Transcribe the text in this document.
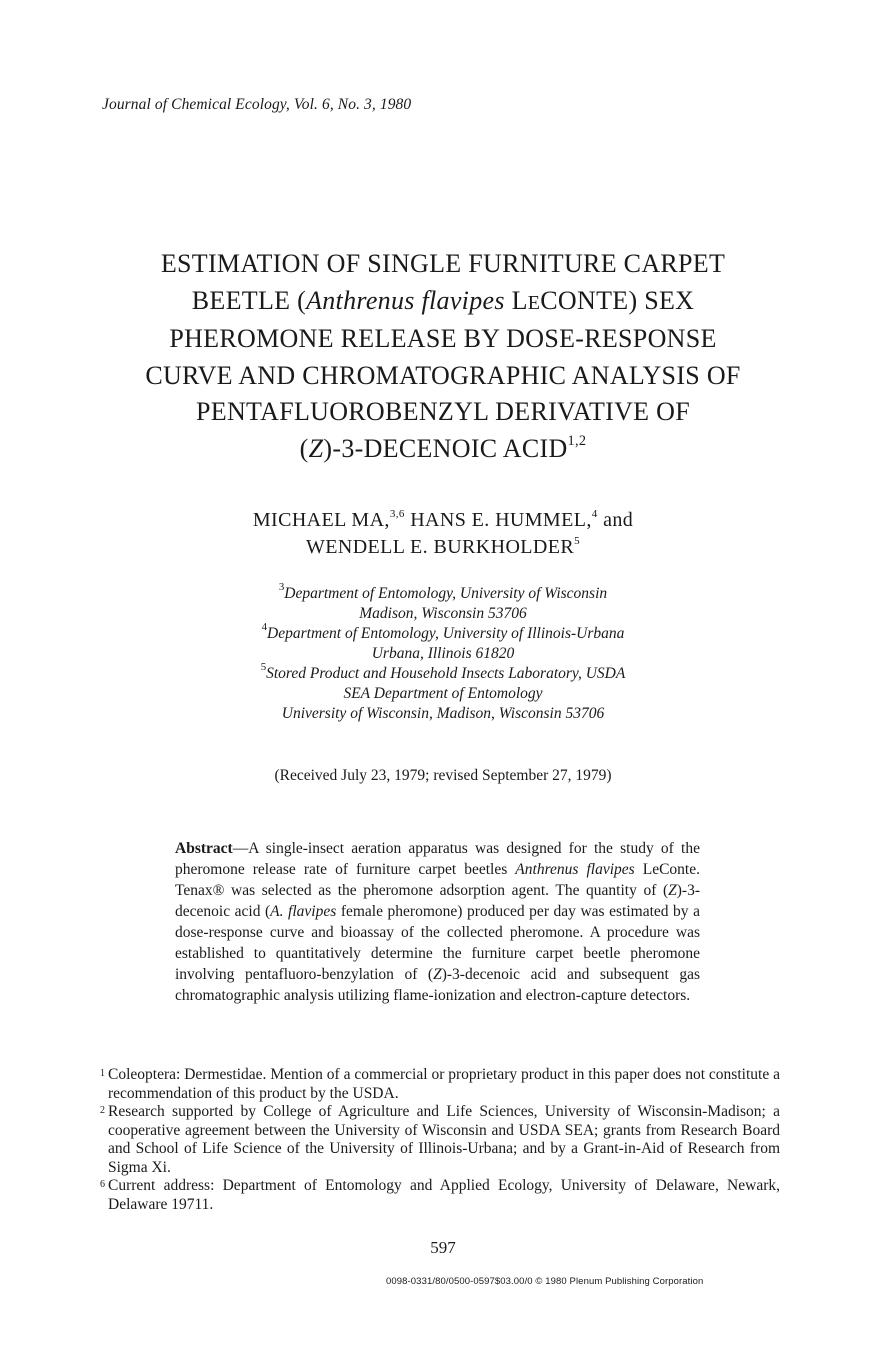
Journal of Chemical Ecology, Vol. 6, No. 3, 1980
ESTIMATION OF SINGLE FURNITURE CARPET
BEETLE (Anthrenus flavipes LECONTE) SEX
PHEROMONE RELEASE BY DOSE-RESPONSE
CURVE AND CHROMATOGRAPHIC ANALYSIS OF
PENTAFLUOROBENZYL DERIVATIVE OF
(Z)-3-DECENOIC ACID$^{1,2}$
MICHAEL MA,$^{3,6}$ HANS E. HUMMEL,$^4$ and
WENDELL E. BURKHOLDER$^5$
$^3$Department of Entomology, University of Wisconsin
Madison, Wisconsin 53706
$^4$Department of Entomology, University of Illinois-Urbana
Urbana, Illinois 61820
$^5$Stored Product and Household Insects Laboratory, USDA
SEA Department of Entomology
University of Wisconsin, Madison, Wisconsin 53706
(Received July 23, 1979; revised September 27, 1979)
Abstract—A single-insect aeration apparatus was designed for the study of the pheromone release rate of furniture carpet beetles Anthrenus flavipes LeConte. Tenax® was selected as the pheromone adsorption agent. The quantity of (Z)-3-decenoic acid (A. flavipes female pheromone) produced per day was estimated by a dose-response curve and bioassay of the collected pheromone. A procedure was established to quantitatively determine the furniture carpet beetle pheromone involving pentafluoro-benzylation of (Z)-3-decenoic acid and subsequent gas chromatographic analysis utilizing flame-ionization and electron-capture detectors.

1 Coleoptera: Dermestidae. Mention of a commercial or proprietary product in this paper does not constitute a recommendation of this product by the USDA.

2 Research supported by College of Agriculture and Life Sciences, University of Wisconsin-Madison; a cooperative agreement between the University of Wisconsin and USDA SEA; grants from Research Board and School of Life Science of the University of Illinois-Urbana; and by a Grant-in-Aid of Research from Sigma Xi.

6 Current address: Department of Entomology and Applied Ecology, University of Delaware, Newark, Delaware 19711.

597
0098-0331/80/0500-0597$03.00/0 © 1980 Plenum Publishing Corporation
